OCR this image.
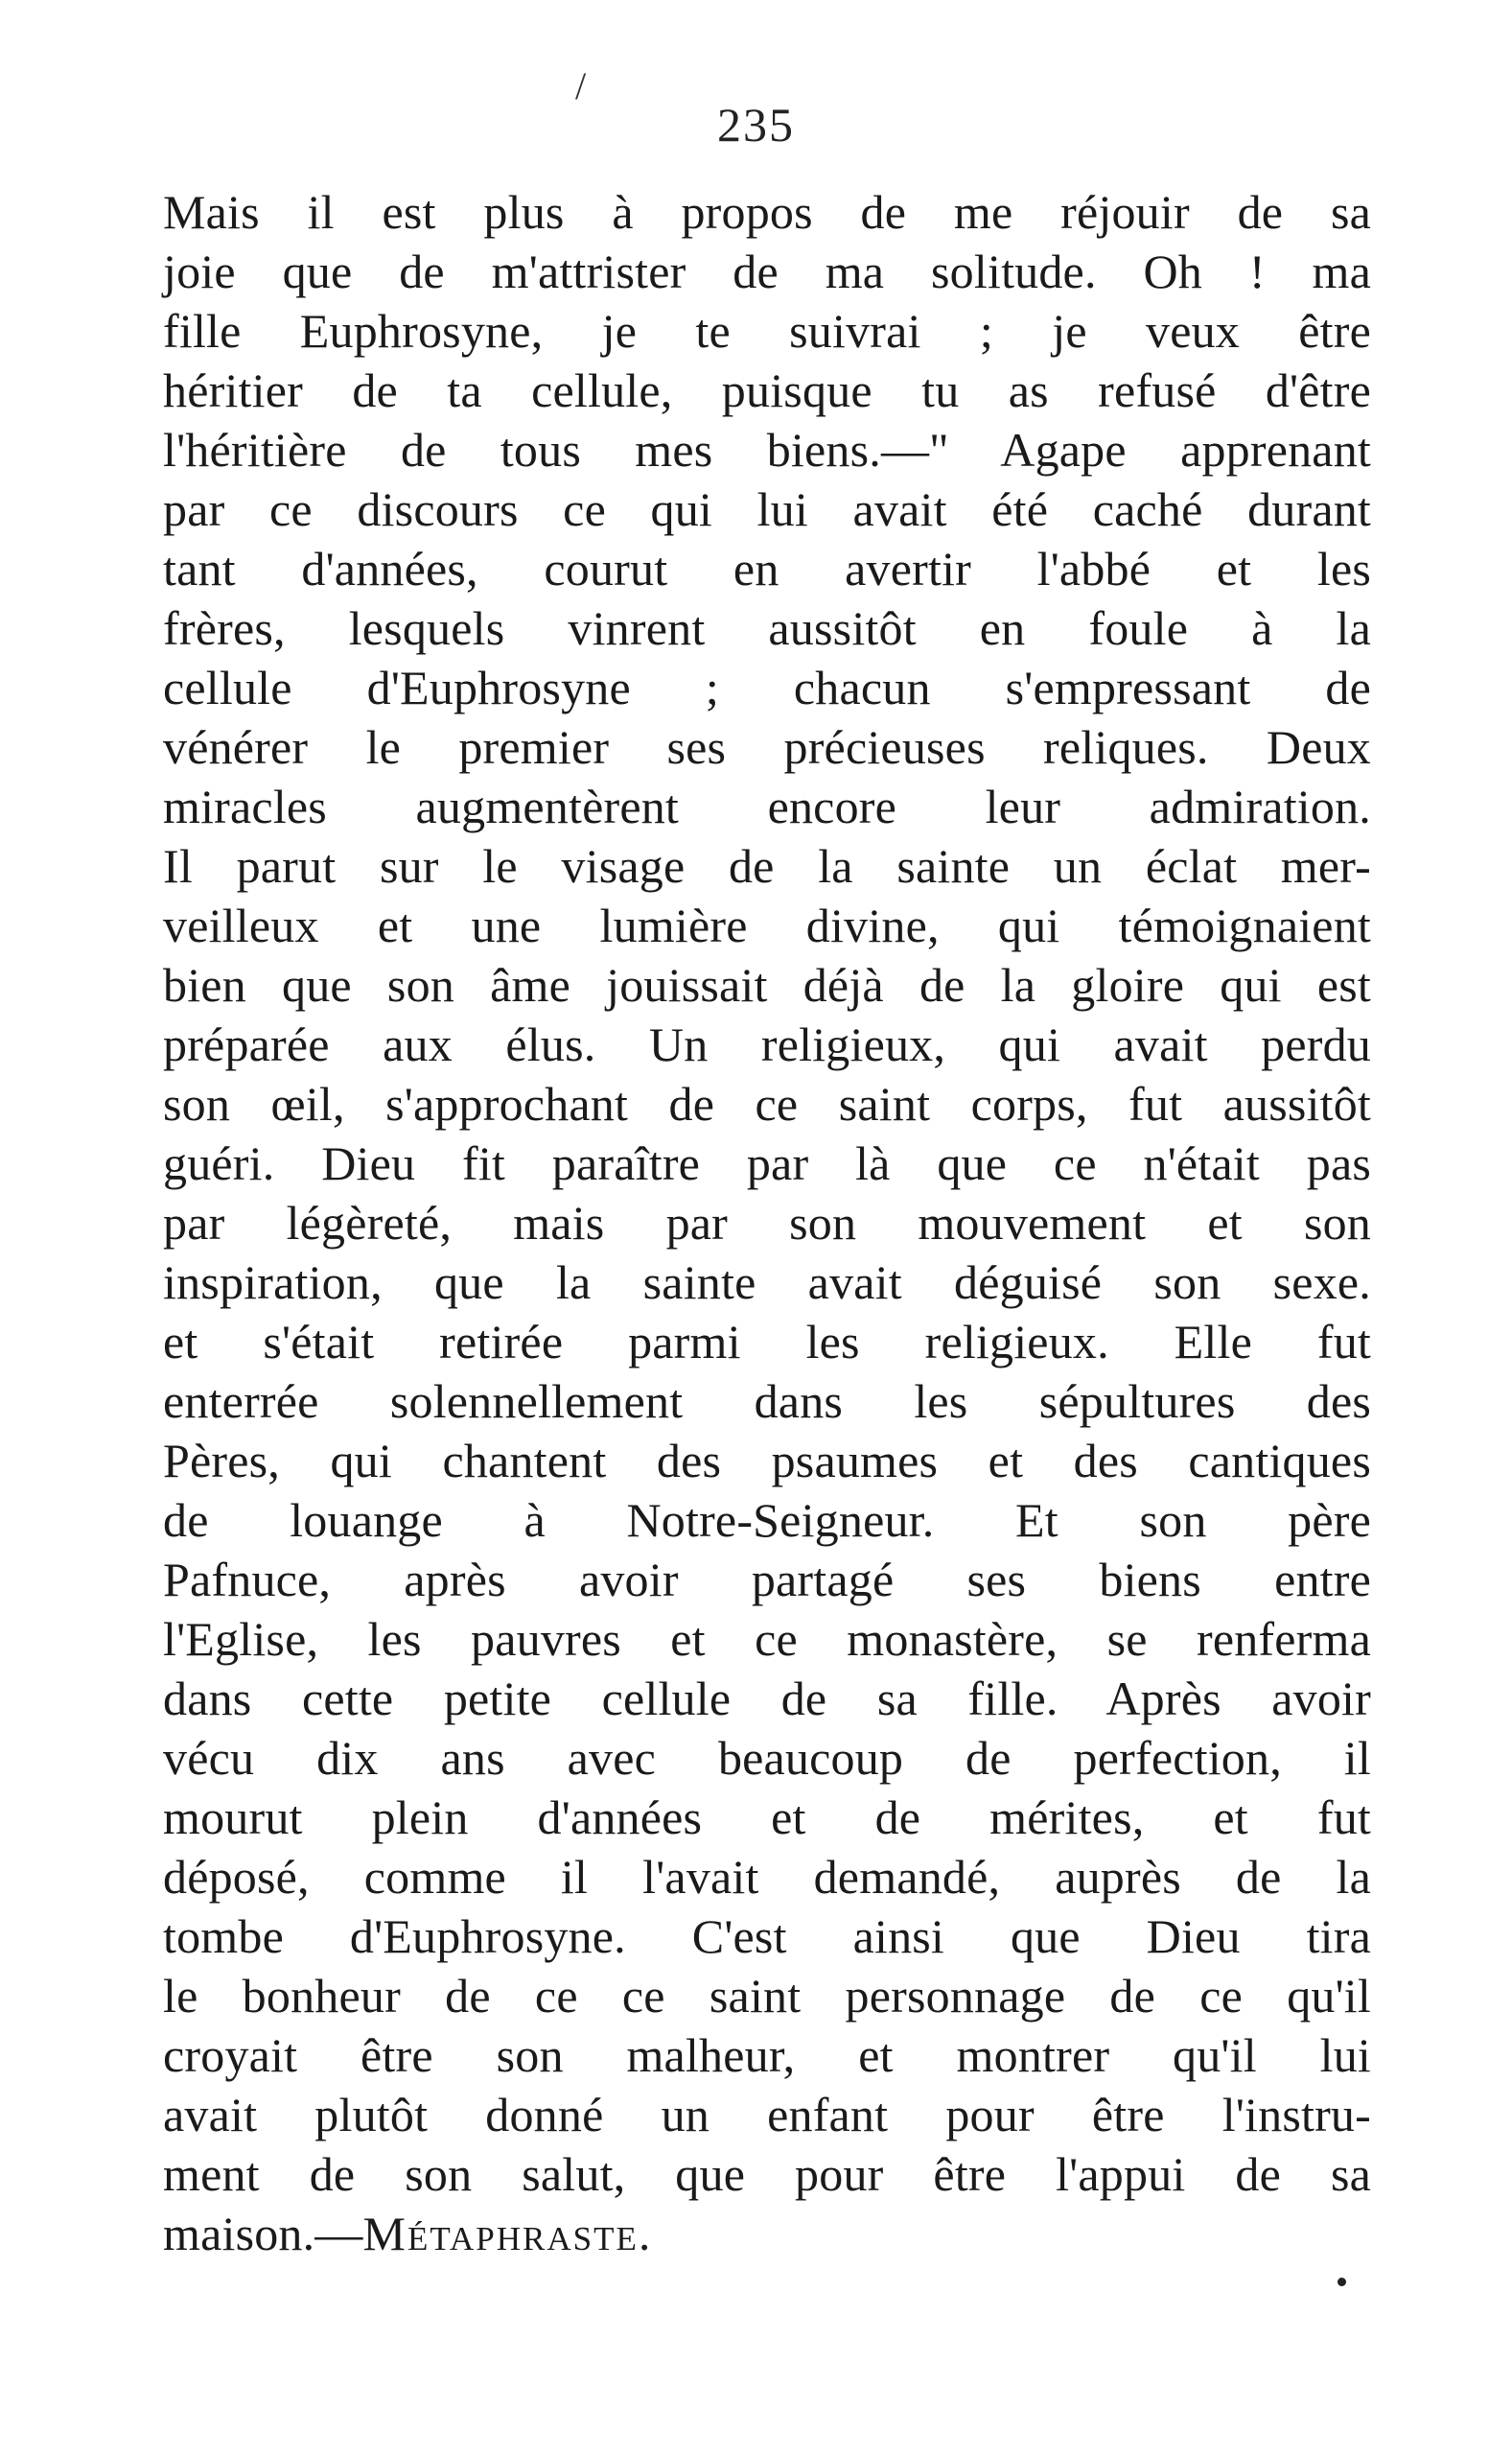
/
235
Mais il est plus à propos de me réjouir de sa
joie que de m'attrister de ma solitude. Oh ! ma
fille Euphrosyne, je te suivrai ; je veux être
héritier de ta cellule, puisque tu as refusé d'être
l'héritière de tous mes biens.—" Agape apprenant
par ce discours ce qui lui avait été caché durant
tant d'années, courut en avertir l'abbé et les
frères, lesquels vinrent aussitôt en foule à la
cellule d'Euphrosyne ; chacun s'empressant de
vénérer le premier ses précieuses reliques. Deux
miracles augmentèrent encore leur admiration.
Il parut sur le visage de la sainte un éclat mer-
veilleux et une lumière divine, qui témoignaient
bien que son âme jouissait déjà de la gloire qui est
préparée aux élus. Un religieux, qui avait perdu
son œil, s'approchant de ce saint corps, fut aussitôt
guéri. Dieu fit paraître par là que ce n'était pas
par légèreté, mais par son mouvement et son
inspiration, que la sainte avait déguisé son sexe.
et s'était retirée parmi les religieux. Elle fut
enterrée solennellement dans les sépultures des
Pères, qui chantent des psaumes et des cantiques
de louange à Notre-Seigneur. Et son père
Pafnuce, après avoir partagé ses biens entre
l'Eglise, les pauvres et ce monastère, se renferma
dans cette petite cellule de sa fille. Après avoir
vécu dix ans avec beaucoup de perfection, il
mourut plein d'années et de mérites, et fut
déposé, comme il l'avait demandé, auprès de la
tombe d'Euphrosyne. C'est ainsi que Dieu tira
le bonheur de ce ce saint personnage de ce qu'il
croyait être son malheur, et montrer qu'il lui
avait plutôt donné un enfant pour être l'instru-
ment de son salut, que pour être l'appui de sa
maison.—Métaphraste.
